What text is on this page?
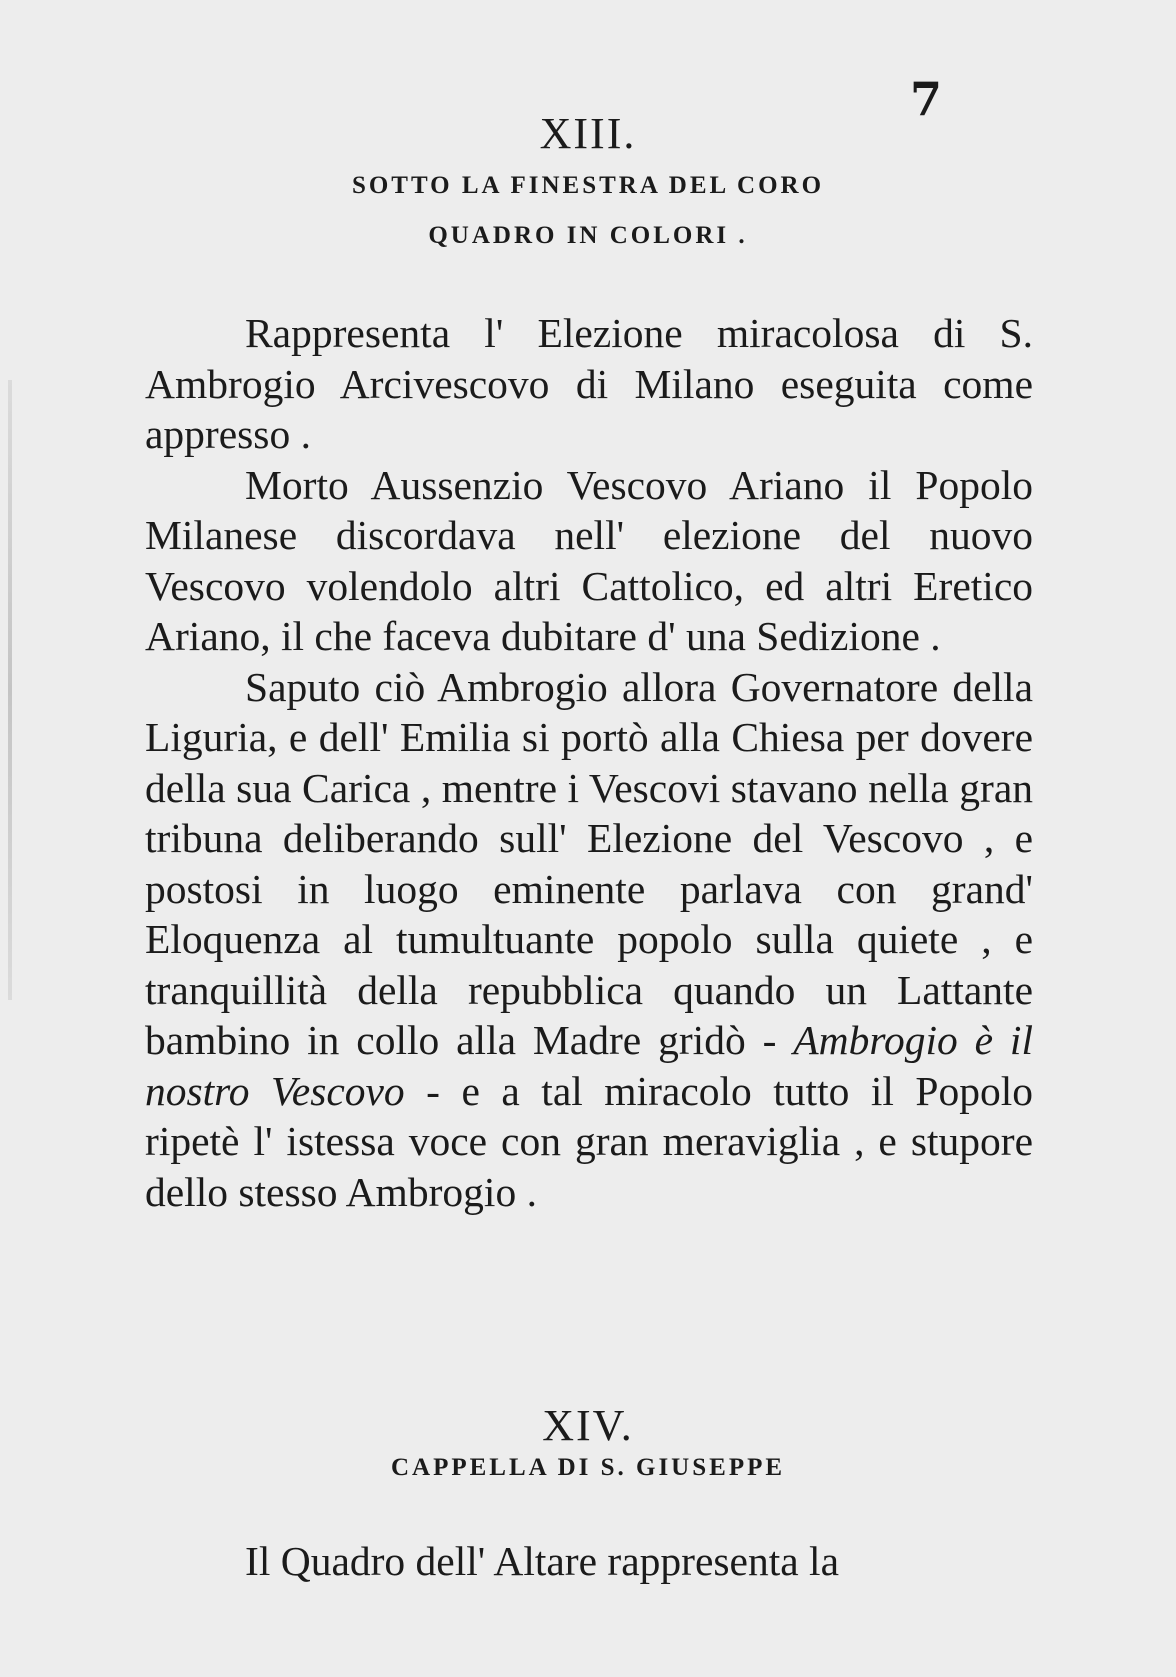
7
XIII.
SOTTO LA FINESTRA DEL CORO
QUADRO IN COLORI .

Rappresenta l' Elezione miracolosa di S. Ambrogio Arcivescovo di Milano eseguita come appresso .

Morto Aussenzio Vescovo Ariano il Popolo Milanese discordava nell' elezione del nuovo Vescovo volendolo altri Cattolico, ed altri Eretico Ariano, il che faceva dubitare d' una Sedizione .

Saputo ciò Ambrogio allora Governatore della Liguria, e dell' Emilia si portò alla Chiesa per dovere della sua Carica , mentre i Vescovi stavano nella gran tribuna deliberando sull' Elezione del Vescovo , e postosi in luogo eminente parlava con grand' Eloquenza al tumultuante popolo sulla quiete , e tranquillità della repubblica quando un Lattante bambino in collo alla Madre gridò - Ambrogio è il nostro Vescovo - e a tal miracolo tutto il Popolo ripetè l' istessa voce con gran meraviglia , e stupore dello stesso Ambrogio .

XIV.
CAPPELLA DI S. GIUSEPPE

Il Quadro dell' Altare rappresenta la
